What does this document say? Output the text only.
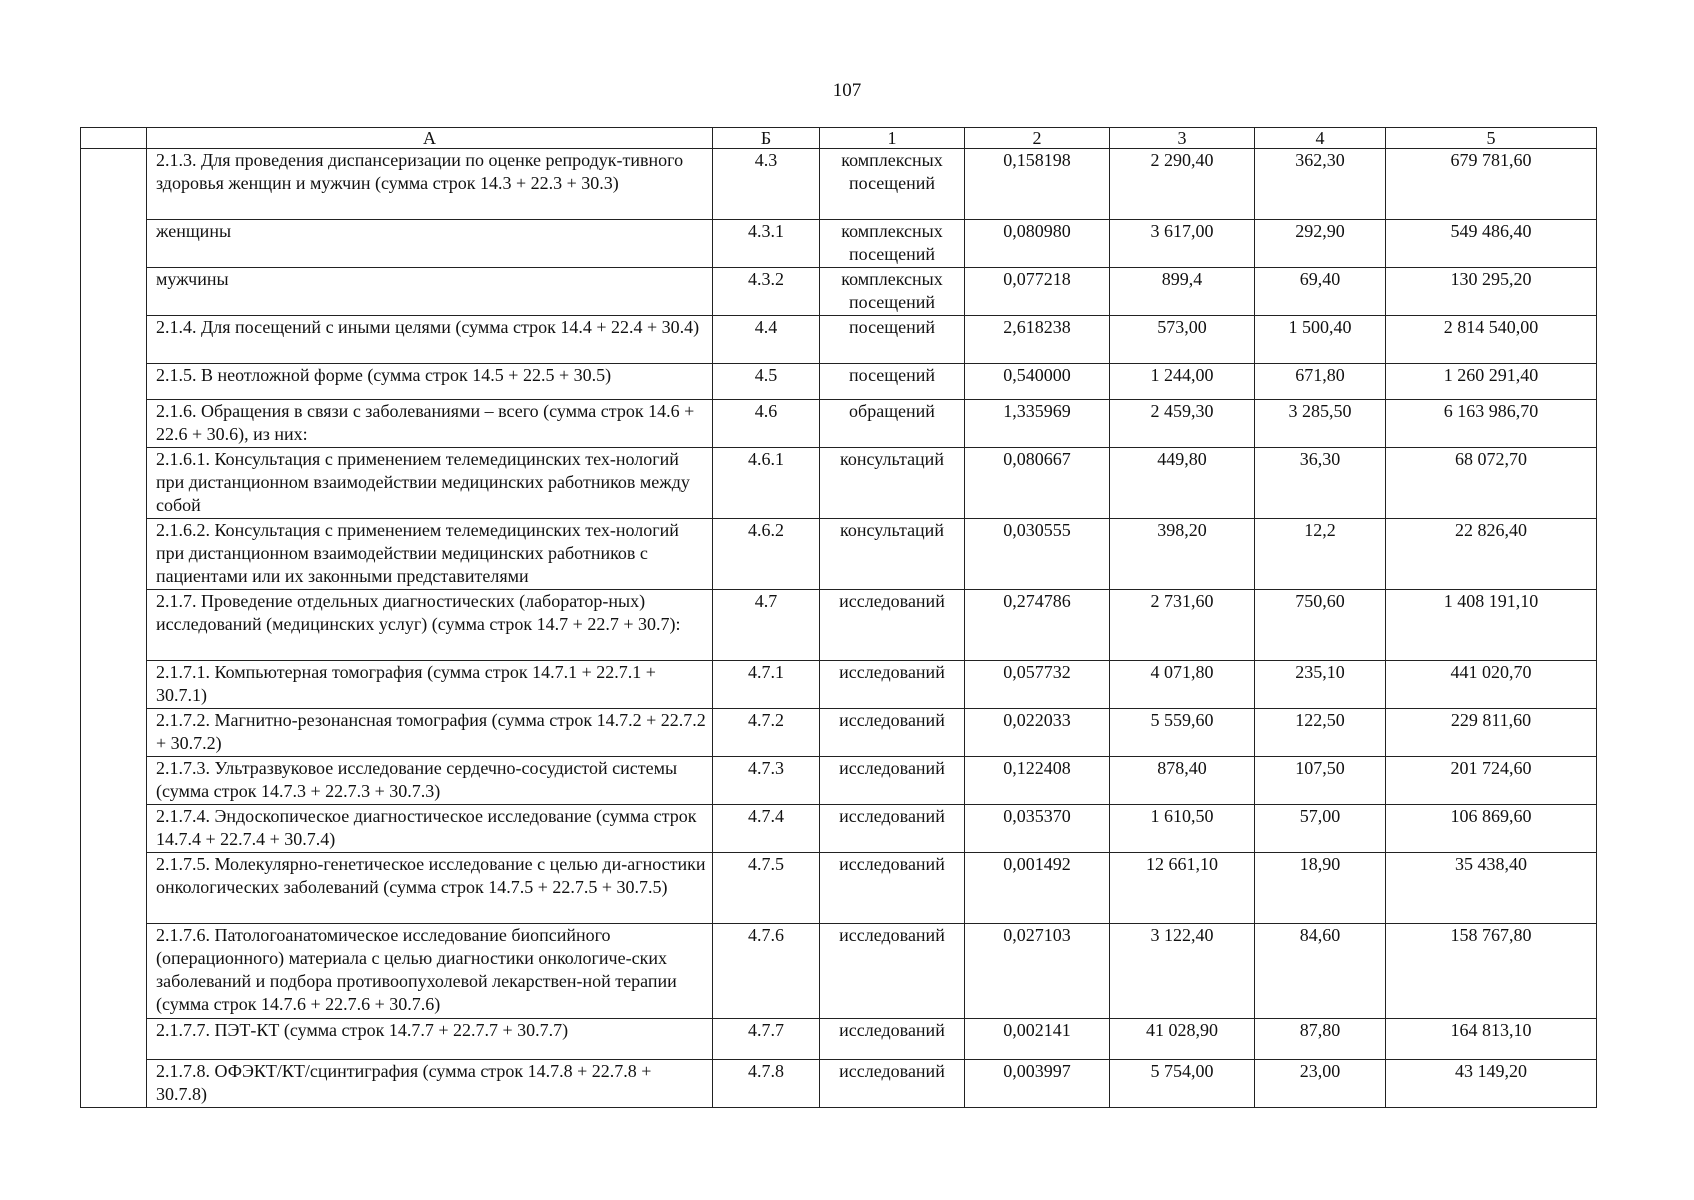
107
	А	Б	1	2	3	4	5
	2.1.3. Для проведения диспансеризации по оценке репродук-тивного здоровья женщин и мужчин (сумма строк 14.3 + 22.3 + 30.3)	4.3	комплексных посещений	0,158198	2 290,40	362,30	679 781,60
	женщины	4.3.1	комплексных посещений	0,080980	3 617,00	292,90	549 486,40
	мужчины	4.3.2	комплексных посещений	0,077218	899,4	69,40	130 295,20
	2.1.4. Для посещений с иными целями (сумма строк 14.4 + 22.4 + 30.4)	4.4	посещений	2,618238	573,00	1 500,40	2 814 540,00
	2.1.5. В неотложной форме (сумма строк 14.5 + 22.5 + 30.5)	4.5	посещений	0,540000	1 244,00	671,80	1 260 291,40
	2.1.6. Обращения в связи с заболеваниями – всего (сумма строк 14.6 + 22.6 + 30.6), из них:	4.6	обращений	1,335969	2 459,30	3 285,50	6 163 986,70
	2.1.6.1. Консультация с применением телемедицинских тех-нологий при дистанционном взаимодействии медицинских работников между собой	4.6.1	консультаций	0,080667	449,80	36,30	68 072,70
	2.1.6.2. Консультация с применением телемедицинских тех-нологий при дистанционном взаимодействии медицинских работников с пациентами или их законными представителями	4.6.2	консультаций	0,030555	398,20	12,2	22 826,40
	2.1.7. Проведение отдельных диагностических (лаборатор-ных) исследований (медицинских услуг) (сумма строк 14.7 + 22.7 + 30.7):	4.7	исследований	0,274786	2 731,60	750,60	1 408 191,10
	2.1.7.1. Компьютерная томография (сумма строк 14.7.1 + 22.7.1 + 30.7.1)	4.7.1	исследований	0,057732	4 071,80	235,10	441 020,70
	2.1.7.2. Магнитно-резонансная томография (сумма строк 14.7.2 + 22.7.2 + 30.7.2)	4.7.2	исследований	0,022033	5 559,60	122,50	229 811,60
	2.1.7.3. Ультразвуковое исследование сердечно-сосудистой системы (сумма строк 14.7.3 + 22.7.3 + 30.7.3)	4.7.3	исследований	0,122408	878,40	107,50	201 724,60
	2.1.7.4. Эндоскопическое диагностическое исследование (сумма строк 14.7.4 + 22.7.4 + 30.7.4)	4.7.4	исследований	0,035370	1 610,50	57,00	106 869,60
	2.1.7.5. Молекулярно-генетическое исследование с целью ди-агностики онкологических заболеваний (сумма строк 14.7.5 + 22.7.5 + 30.7.5)	4.7.5	исследований	0,001492	12 661,10	18,90	35 438,40
	2.1.7.6. Патологоанатомическое исследование биопсийного (операционного) материала с целью диагностики онкологиче-ских заболеваний и подбора противоопухолевой лекарствен-ной терапии (сумма строк 14.7.6 + 22.7.6 + 30.7.6)	4.7.6	исследований	0,027103	3 122,40	84,60	158 767,80
	2.1.7.7. ПЭТ-КТ (сумма строк 14.7.7 + 22.7.7 + 30.7.7)	4.7.7	исследований	0,002141	41 028,90	87,80	164 813,10
	2.1.7.8. ОФЭКТ/КТ/сцинтиграфия (сумма строк 14.7.8 + 22.7.8 + 30.7.8)	4.7.8	исследований	0,003997	5 754,00	23,00	43 149,20
